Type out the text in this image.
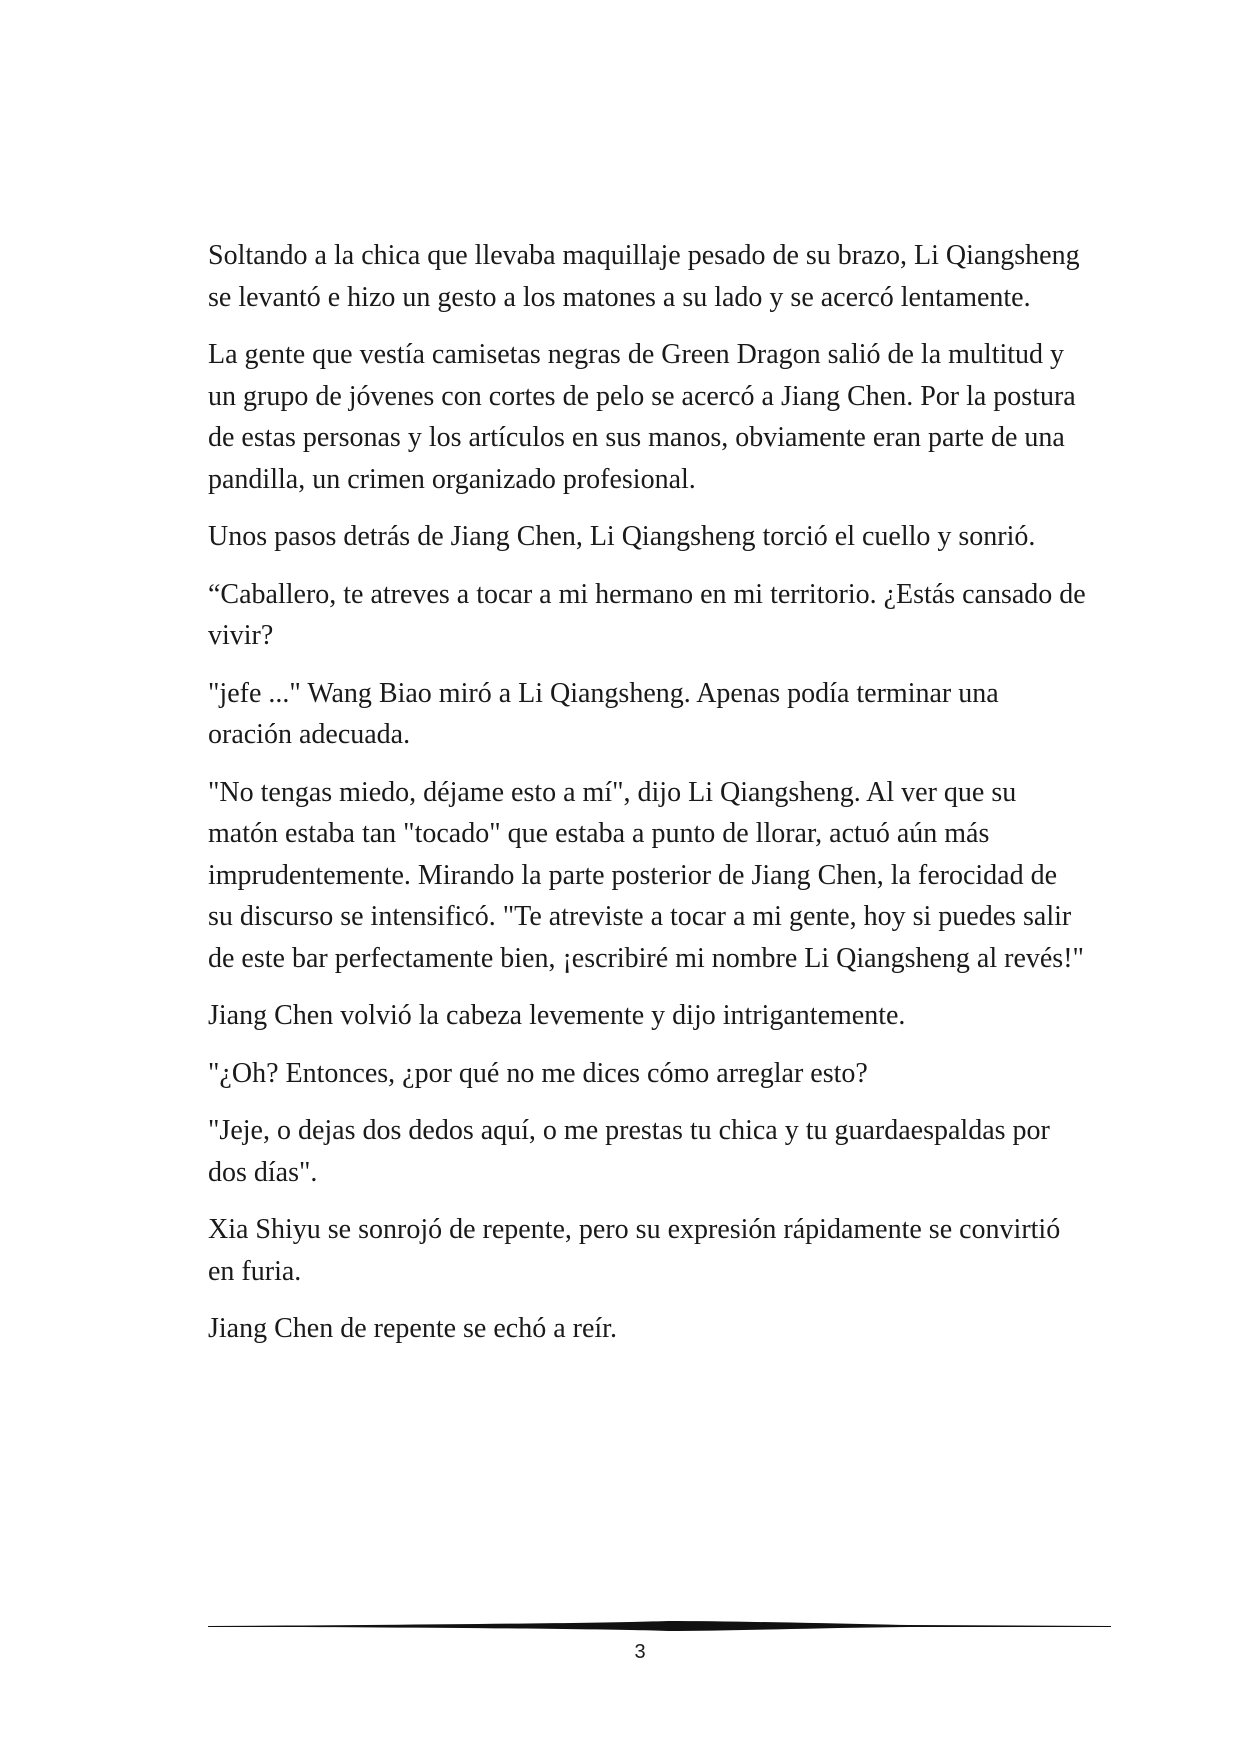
Soltando a la chica que llevaba maquillaje pesado de su brazo, Li Qiangsheng se levantó e hizo un gesto a los matones a su lado y se acercó lentamente.

La gente que vestía camisetas negras de Green Dragon salió de la multitud y un grupo de jóvenes con cortes de pelo se acercó a Jiang Chen. Por la postura de estas personas y los artículos en sus manos, obviamente eran parte de una pandilla, un crimen organizado profesional.

Unos pasos detrás de Jiang Chen, Li Qiangsheng torció el cuello y sonrió.

“Caballero, te atreves a tocar a mi hermano en mi territorio. ¿Estás cansado de vivir?

"jefe ..." Wang Biao miró a Li Qiangsheng. Apenas podía terminar una oración adecuada.

"No tengas miedo, déjame esto a mí", dijo Li Qiangsheng. Al ver que su matón estaba tan "tocado" que estaba a punto de llorar, actuó aún más imprudentemente. Mirando la parte posterior de Jiang Chen, la ferocidad de su discurso se intensificó. "Te atreviste a tocar a mi gente, hoy si puedes salir de este bar perfectamente bien, ¡escribiré mi nombre Li Qiangsheng al revés!"

Jiang Chen volvió la cabeza levemente y dijo intrigantemente.

"¿Oh? Entonces, ¿por qué no me dices cómo arreglar esto?

"Jeje, o dejas dos dedos aquí, o me prestas tu chica y tu guardaespaldas por dos días".

Xia Shiyu se sonrojó de repente, pero su expresión rápidamente se convirtió en furia.

Jiang Chen de repente se echó a reír.

3
